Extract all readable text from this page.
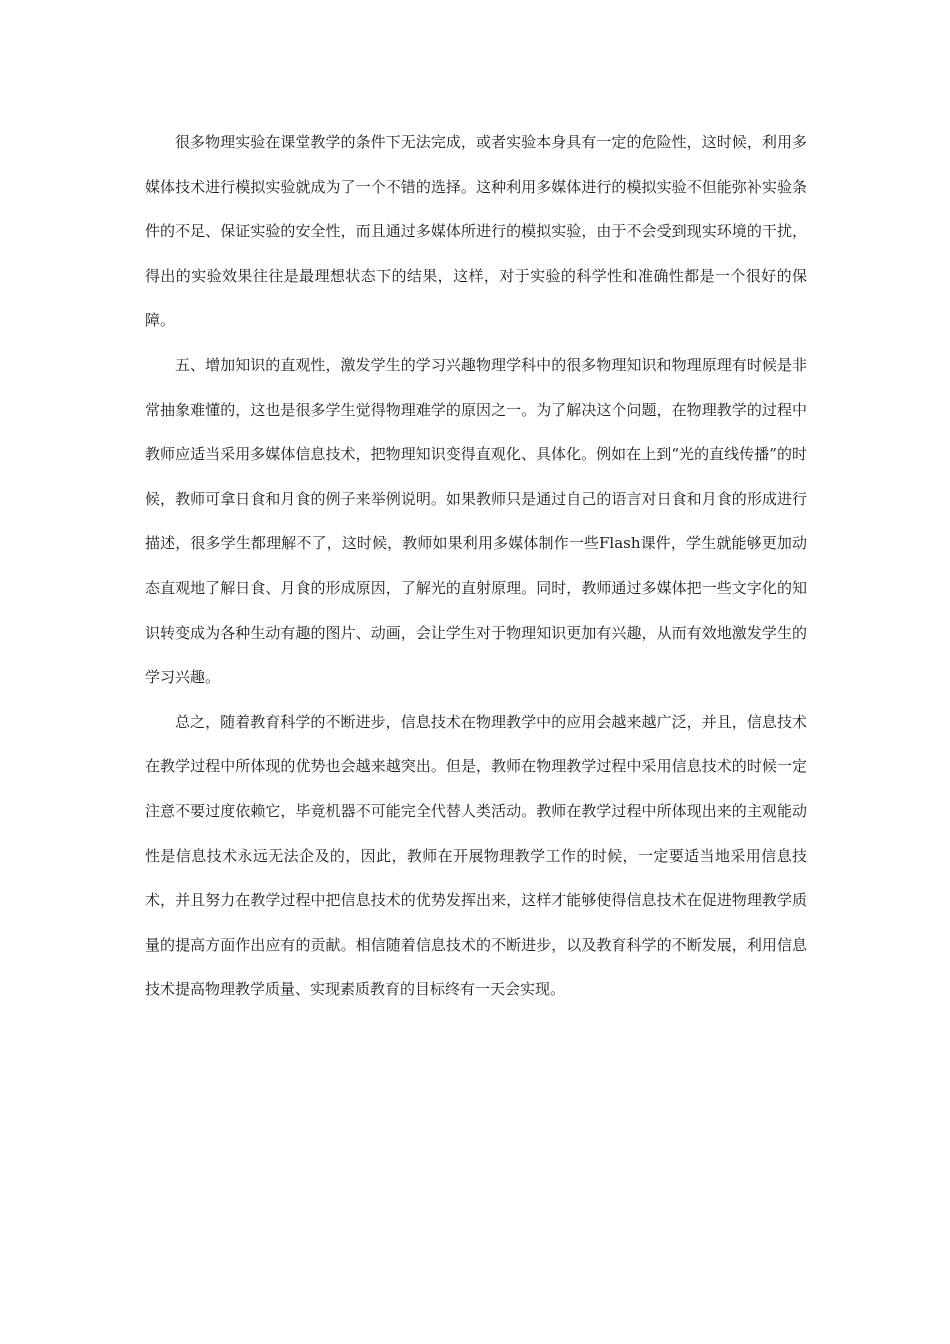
很多物理实验在课堂教学的条件下无法完成，或者实验本身具有一定的危险性，这时候，利用多媒体技术进行模拟实验就成为了一个不错的选择。这种利用多媒体进行的模拟实验不但能弥补实验条件的不足、保证实验的安全性，而且通过多媒体所进行的模拟实验，由于不会受到现实环境的干扰，得出的实验效果往往是最理想状态下的结果，这样，对于实验的科学性和准确性都是一个很好的保障。

五、增加知识的直观性，激发学生的学习兴趣物理学科中的很多物理知识和物理原理有时候是非常抽象难懂的，这也是很多学生觉得物理难学的原因之一。为了解决这个问题，在物理教学的过程中教师应适当采用多媒体信息技术，把物理知识变得直观化、具体化。例如在上到“光的直线传播”的时候，教师可拿日食和月食的例子来举例说明。如果教师只是通过自己的语言对日食和月食的形成进行描述，很多学生都理解不了，这时候，教师如果利用多媒体制作一些Flash课件，学生就能够更加动态直观地了解日食、月食的形成原因，了解光的直射原理。同时，教师通过多媒体把一些文字化的知识转变成为各种生动有趣的图片、动画，会让学生对于物理知识更加有兴趣，从而有效地激发学生的学习兴趣。

总之，随着教育科学的不断进步，信息技术在物理教学中的应用会越来越广泛，并且，信息技术在教学过程中所体现的优势也会越来越突出。但是，教师在物理教学过程中采用信息技术的时候一定注意不要过度依赖它，毕竟机器不可能完全代替人类活动。教师在教学过程中所体现出来的主观能动性是信息技术永远无法企及的，因此，教师在开展物理教学工作的时候，一定要适当地采用信息技术，并且努力在教学过程中把信息技术的优势发挥出来，这样才能够使得信息技术在促进物理教学质量的提高方面作出应有的贡献。相信随着信息技术的不断进步，以及教育科学的不断发展，利用信息技术提高物理教学质量、实现素质教育的目标终有一天会实现。
